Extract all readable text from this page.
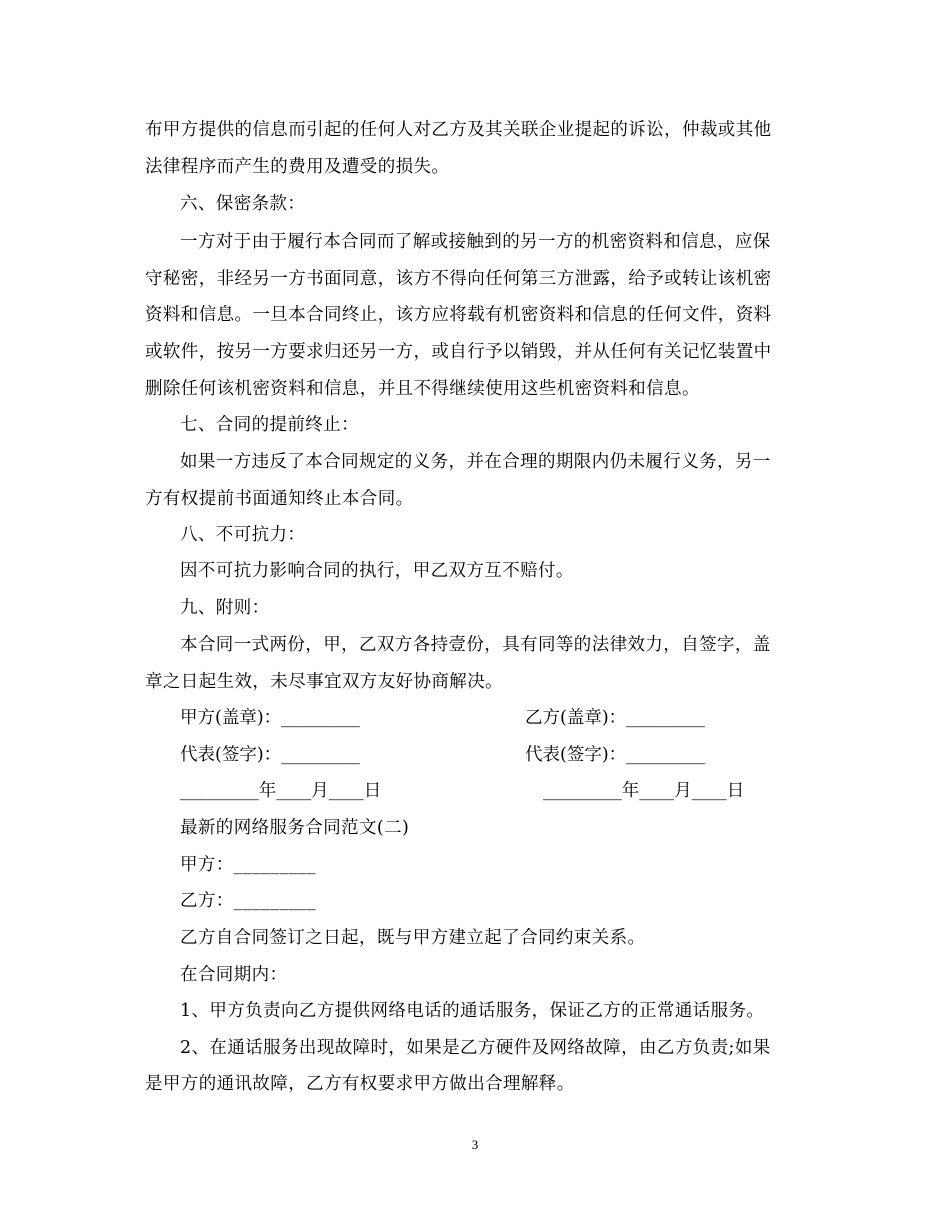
布甲方提供的信息而引起的任何人对乙方及其关联企业提起的诉讼，仲裁或其他
法律程序而产生的费用及遭受的损失。
六、保密条款：
一方对于由于履行本合同而了解或接触到的另一方的机密资料和信息，应保
守秘密，非经另一方书面同意，该方不得向任何第三方泄露，给予或转让该机密
资料和信息。一旦本合同终止，该方应将载有机密资料和信息的任何文件，资料
或软件，按另一方要求归还另一方，或自行予以销毁，并从任何有关记忆装置中
删除任何该机密资料和信息，并且不得继续使用这些机密资料和信息。
七、合同的提前终止：
如果一方违反了本合同规定的义务，并在合理的期限内仍未履行义务，另一
方有权提前书面通知终止本合同。
八、不可抗力：
因不可抗力影响合同的执行，甲乙双方互不赔付。
九、附则：
本合同一式两份，甲，乙双方各持壹份，具有同等的法律效力，自签字，盖
章之日起生效，未尽事宜双方友好协商解决。
甲方(盖章)：_________	乙方(盖章)：_________
代表(签字)：_________	代表(签字)：_________
_________年____月____日	_________年____月____日
最新的网络服务合同范文(二)
甲方：_________
乙方：_________
乙方自合同签订之日起，既与甲方建立起了合同约束关系。
在合同期内：
1、甲方负责向乙方提供网络电话的通话服务，保证乙方的正常通话服务。
2、在通话服务出现故障时，如果是乙方硬件及网络故障，由乙方负责;如果
是甲方的通讯故障，乙方有权要求甲方做出合理解释。
3
